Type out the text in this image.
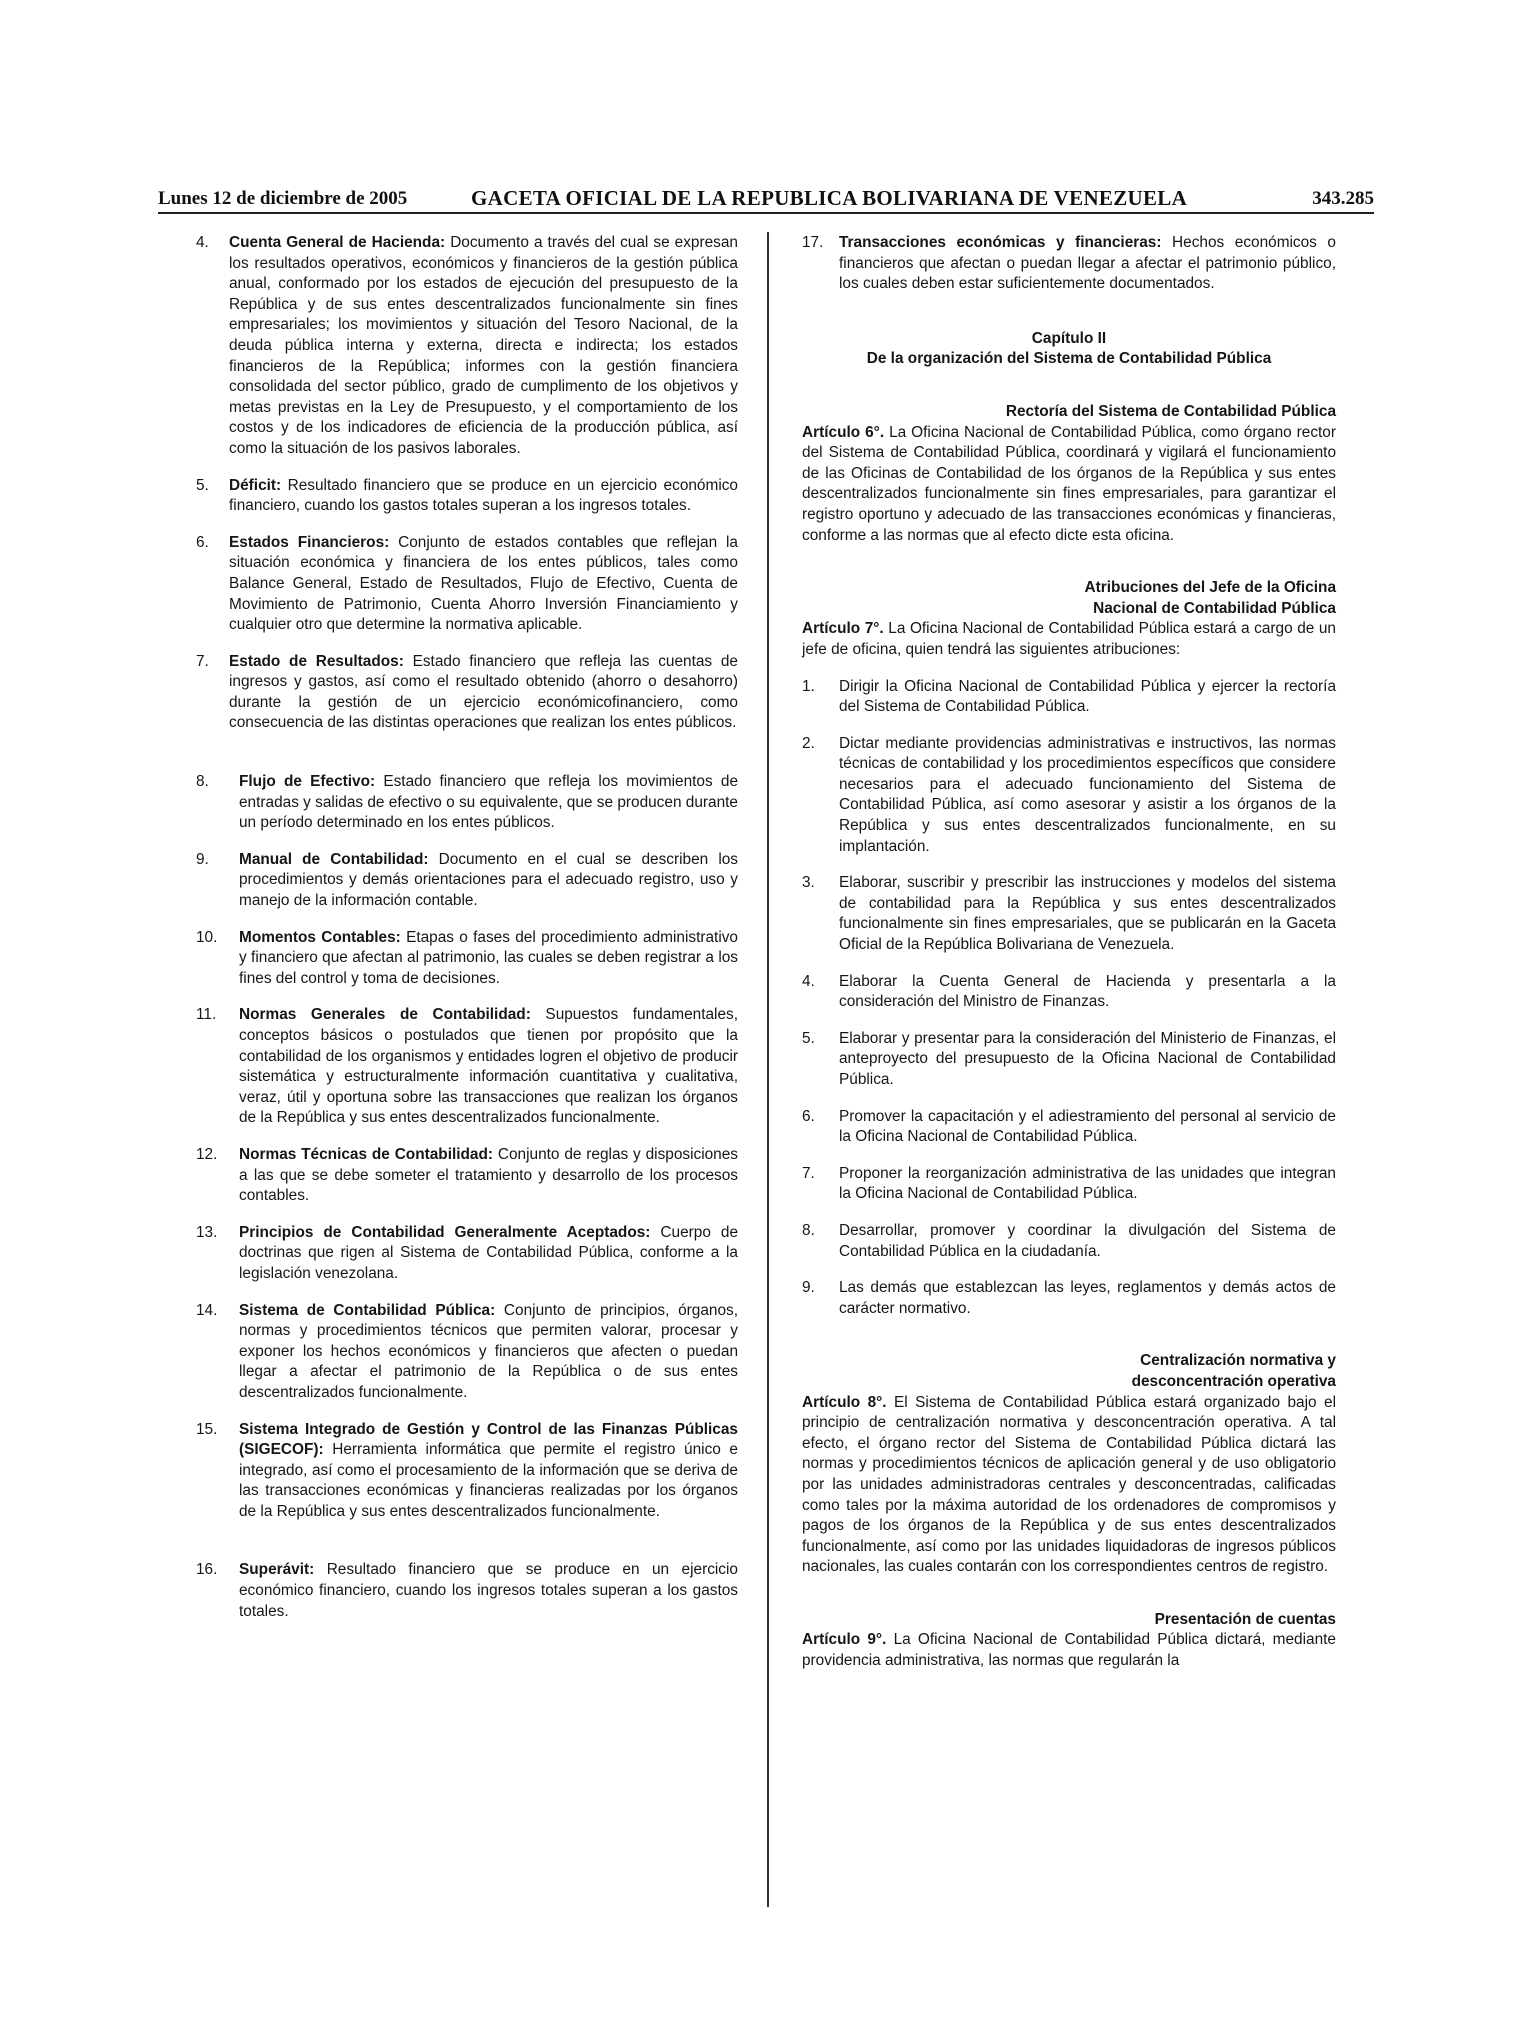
Lunes 12 de diciembre de 2005	GACETA OFICIAL DE LA REPUBLICA BOLIVARIANA DE VENEZUELA	343.285
4.	Cuenta General de Hacienda: Documento a través del cual se expresan los resultados operativos, económicos y financieros de la gestión pública anual, conformado por los estados de ejecución del presupuesto de la República y de sus entes descentralizados funcionalmente sin fines empresariales; los movimientos y situación del Tesoro Nacional, de la deuda pública interna y externa, directa e indirecta; los estados financieros de la República; informes con la gestión financiera consolidada del sector público, grado de cumplimento de los objetivos y metas previstas en la Ley de Presupuesto, y el comportamiento de los costos y de los indicadores de eficiencia de la producción pública, así como la situación de los pasivos laborales.
5.	Déficit: Resultado financiero que se produce en un ejercicio económico financiero, cuando los gastos totales superan a los ingresos totales.
6.	Estados Financieros: Conjunto de estados contables que reflejan la situación económica y financiera de los entes públicos, tales como Balance General, Estado de Resultados, Flujo de Efectivo, Cuenta de Movimiento de Patrimonio, Cuenta Ahorro Inversión Financiamiento y cualquier otro que determine la normativa aplicable.
7.	Estado de Resultados: Estado financiero que refleja las cuentas de ingresos y gastos, así como el resultado obtenido (ahorro o desahorro) durante la gestión de un ejercicio económicofinanciero, como consecuencia de las distintas operaciones que realizan los entes públicos.
8.	Flujo de Efectivo: Estado financiero que refleja los movimientos de entradas y salidas de efectivo o su equivalente, que se producen durante un período determinado en los entes públicos.
9.	Manual de Contabilidad: Documento en el cual se describen los procedimientos y demás orientaciones para el adecuado registro, uso y manejo de la información contable.
10.	Momentos Contables: Etapas o fases del procedimiento administrativo y financiero que afectan al patrimonio, las cuales se deben registrar a los fines del control y toma de decisiones.
11.	Normas Generales de Contabilidad: Supuestos fundamentales, conceptos básicos o postulados que tienen por propósito que la contabilidad de los organismos y entidades logren el objetivo de producir sistemática y estructuralmente información cuantitativa y cualitativa, veraz, útil y oportuna sobre las transacciones que realizan los órganos de la República y sus entes descentralizados funcionalmente.
12.	Normas Técnicas de Contabilidad: Conjunto de reglas y disposiciones a las que se debe someter el tratamiento y desarrollo de los procesos contables.
13.	Principios de Contabilidad Generalmente Aceptados: Cuerpo de doctrinas que rigen al Sistema de Contabilidad Pública, conforme a la legislación venezolana.
14.	Sistema de Contabilidad Pública: Conjunto de principios, órganos, normas y procedimientos técnicos que permiten valorar, procesar y exponer los hechos económicos y financieros que afecten o puedan llegar a afectar el patrimonio de la República o de sus entes descentralizados funcionalmente.
15.	Sistema Integrado de Gestión y Control de las Finanzas Públicas (SIGECOF): Herramienta informática que permite el registro único e integrado, así como el procesamiento de la información que se deriva de las transacciones económicas y financieras realizadas por los órganos de la República y sus entes descentralizados funcionalmente.
16.	Superávit: Resultado financiero que se produce en un ejercicio económico financiero, cuando los ingresos totales superan a los gastos totales.
17.	Transacciones económicas y financieras: Hechos económicos o financieros que afectan o puedan llegar a afectar el patrimonio público, los cuales deben estar suficientemente documentados.
Capítulo II
De la organización del Sistema de Contabilidad Pública
Rectoría del Sistema de Contabilidad Pública
Artículo 6°. La Oficina Nacional de Contabilidad Pública, como órgano rector del Sistema de Contabilidad Pública, coordinará y vigilará el funcionamiento de las Oficinas de Contabilidad de los órganos de la República y sus entes descentralizados funcionalmente sin fines empresariales, para garantizar el registro oportuno y adecuado de las transacciones económicas y financieras, conforme a las normas que al efecto dicte esta oficina.
Atribuciones del Jefe de la Oficina
Nacional de Contabilidad Pública
Artículo 7°. La Oficina Nacional de Contabilidad Pública estará a cargo de un jefe de oficina, quien tendrá las siguientes atribuciones:
1.	Dirigir la Oficina Nacional de Contabilidad Pública y ejercer la rectoría del Sistema de Contabilidad Pública.
2.	Dictar mediante providencias administrativas e instructivos, las normas técnicas de contabilidad y los procedimientos específicos que considere necesarios para el adecuado funcionamiento del Sistema de Contabilidad Pública, así como asesorar y asistir a los órganos de la República y sus entes descentralizados funcionalmente, en su implantación.
3.	Elaborar, suscribir y prescribir las instrucciones y modelos del sistema de contabilidad para la República y sus entes descentralizados funcionalmente sin fines empresariales, que se publicarán en la Gaceta Oficial de la República Bolivariana de Venezuela.
4.	Elaborar la Cuenta General de Hacienda y presentarla a la consideración del Ministro de Finanzas.
5.	Elaborar y presentar para la consideración del Ministerio de Finanzas, el anteproyecto del presupuesto de la Oficina Nacional de Contabilidad Pública.
6.	Promover la capacitación y el adiestramiento del personal al servicio de la Oficina Nacional de Contabilidad Pública.
7.	Proponer la reorganización administrativa de las unidades que integran la Oficina Nacional de Contabilidad Pública.
8.	Desarrollar, promover y coordinar la divulgación del Sistema de Contabilidad Pública en la ciudadanía.
9.	Las demás que establezcan las leyes, reglamentos y demás actos de carácter normativo.
Centralización normativa y
desconcentración operativa
Artículo 8°. El Sistema de Contabilidad Pública estará organizado bajo el principio de centralización normativa y desconcentración operativa. A tal efecto, el órgano rector del Sistema de Contabilidad Pública dictará las normas y procedimientos técnicos de aplicación general y de uso obligatorio por las unidades administradoras centrales y desconcentradas, calificadas como tales por la máxima autoridad de los ordenadores de compromisos y pagos de los órganos de la República y de sus entes descentralizados funcionalmente, así como por las unidades liquidadoras de ingresos públicos nacionales, las cuales contarán con los correspondientes centros de registro.
Presentación de cuentas
Artículo 9°. La Oficina Nacional de Contabilidad Pública dictará, mediante providencia administrativa, las normas que regularán la
